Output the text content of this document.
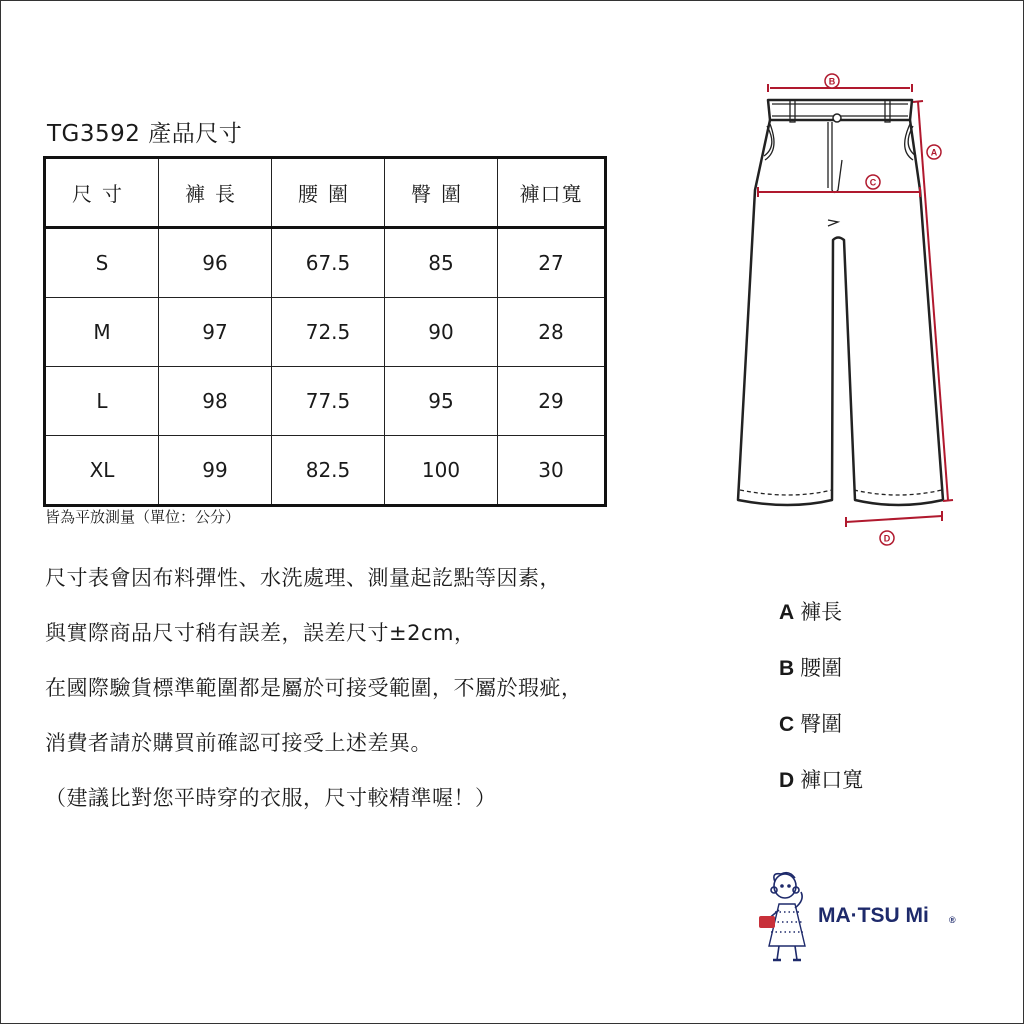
TG3592 產品尺寸
尺寸	褲長	腰圍	臀圍	褲口寬
S	96	67.5	85	27
M	97	72.5	90	28
L	98	77.5	95	29
XL	99	82.5	100	30
皆為平放測量（單位：公分）
尺寸表會因布料彈性、水洗處理、測量起訖點等因素，
與實際商品尺寸稍有誤差，誤差尺寸±2cm，
在國際驗貨標準範圍都是屬於可接受範圍，不屬於瑕疵，
消費者請於購買前確認可接受上述差異。
（建議比對您平時穿的衣服，尺寸較精準喔！）
B
A
C
D
A 褲長
B 腰圍
C 臀圍
D 褲口寬
MA·TSU Mi ®
